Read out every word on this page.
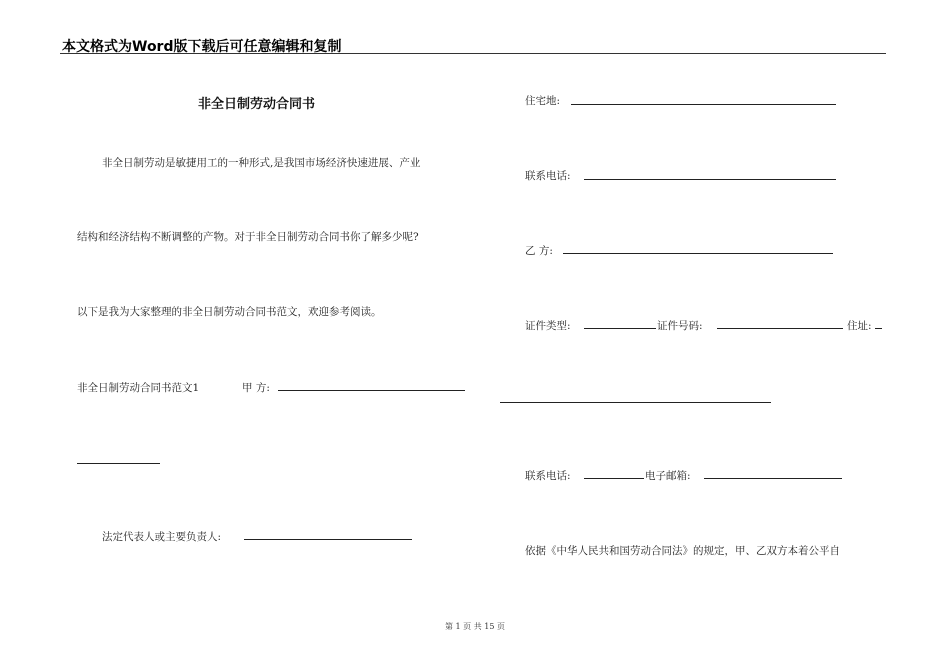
本文格式为Word版下载后可任意编辑和复制
非全日制劳动合同书
非全日制劳动是敏捷用工的一种形式,是我国市场经济快速进展、产业
结构和经济结构不断调整的产物。对于非全日制劳动合同书你了解多少呢?
以下是我为大家整理的非全日制劳动合同书范文，欢迎参考阅读。
非全日制劳动合同书范文1	甲 方:
法定代表人或主要负责人:
住宅地:
联系电话:
乙 方:
证件类型:	证件号码:	住址:
联系电话:	电子邮箱:
依据《中华人民共和国劳动合同法》的规定，甲、乙双方本着公平自
第 1 页 共 15 页
